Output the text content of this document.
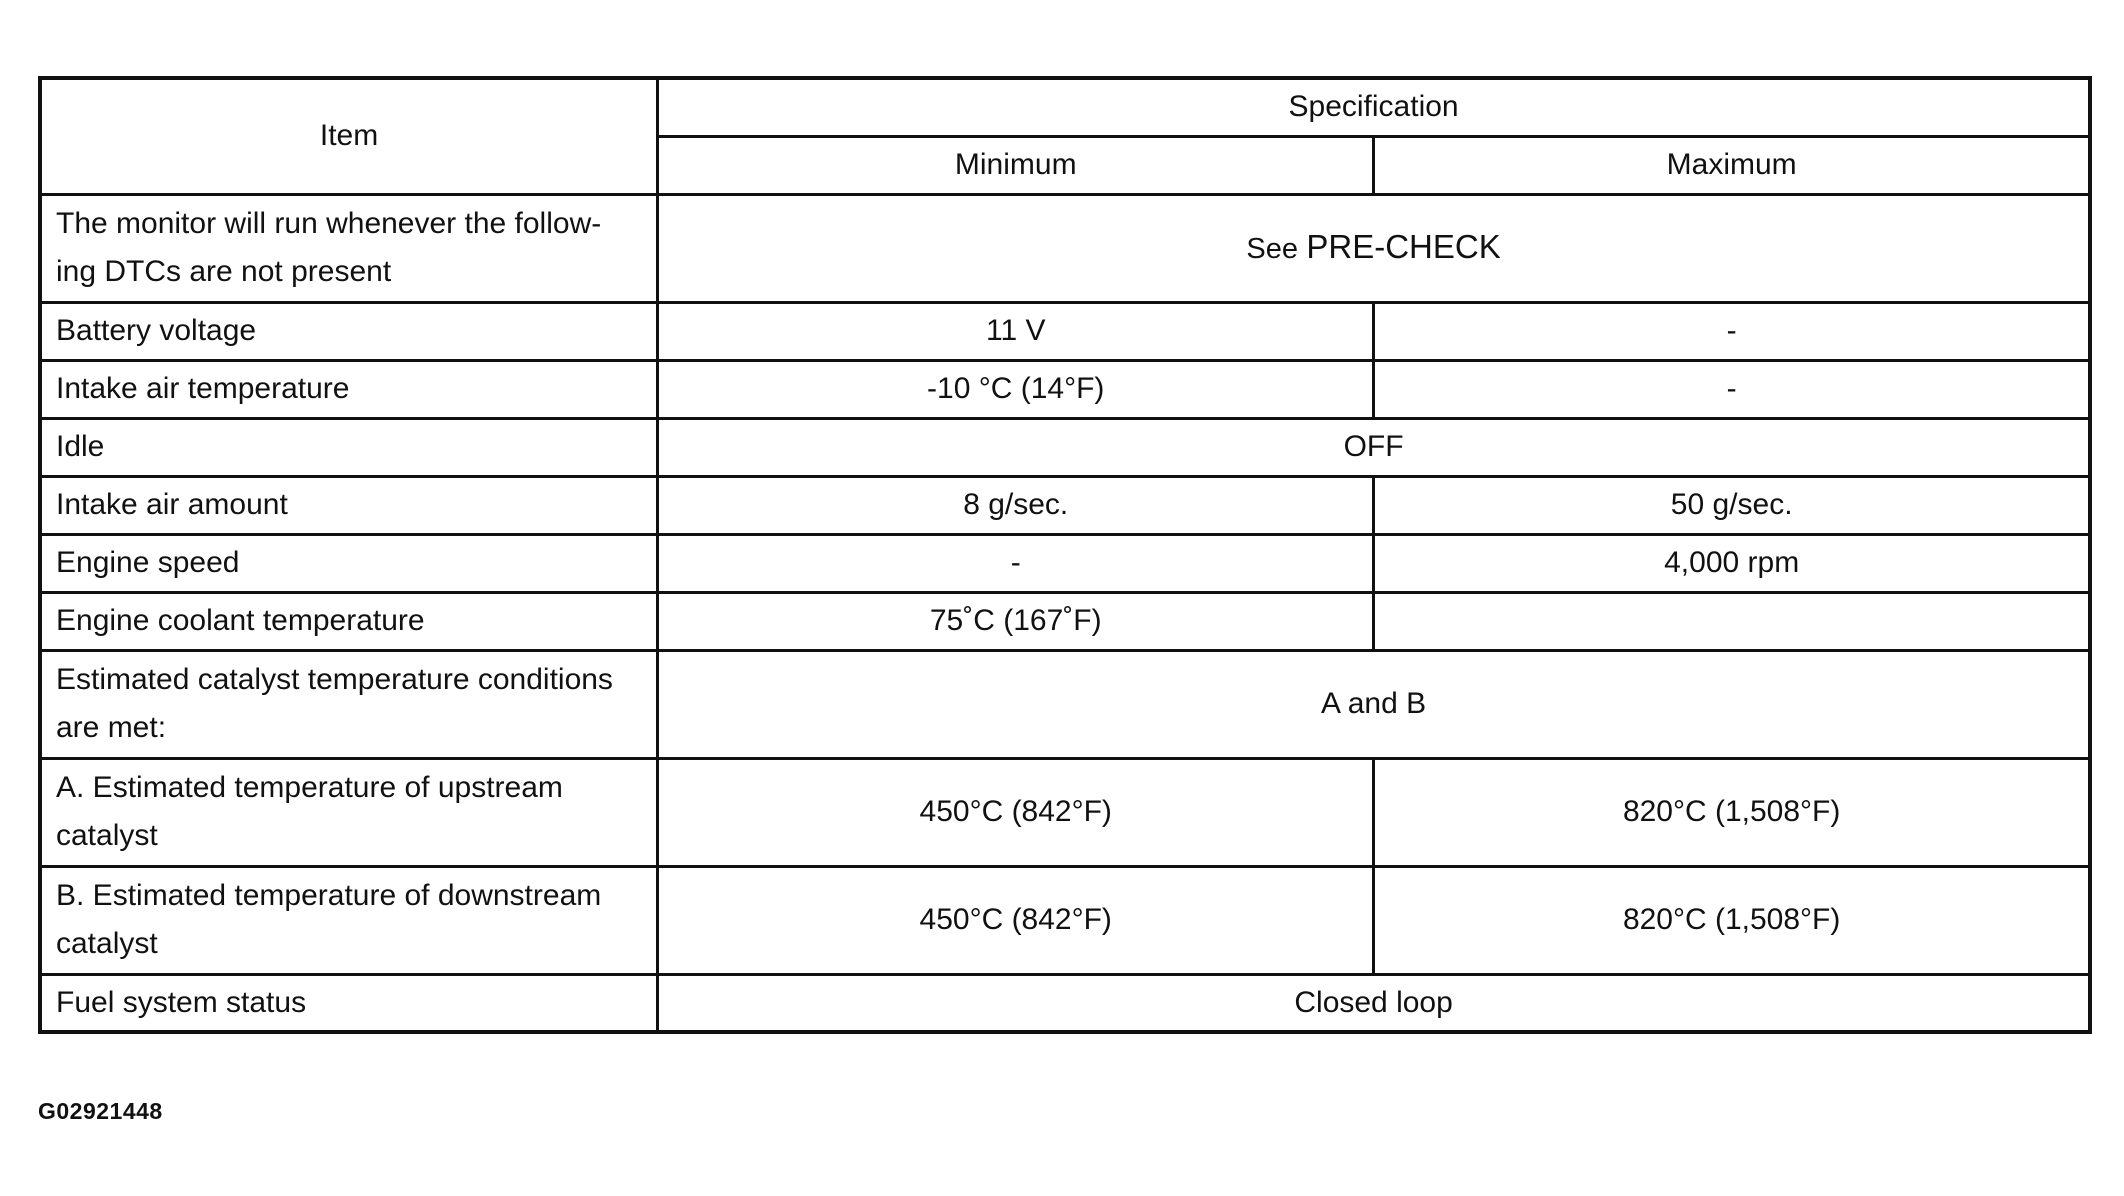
Item	Specification	
	Minimum	Maximum
The monitor will run whenever the follow-
ing DTCs are not present	See PRE-CHECK	
Battery voltage	11 V	-
Intake air temperature	-10 °C (14°F)	-
Idle	OFF	
Intake air amount	8 g/sec.	50 g/sec.
Engine speed	-	4,000 rpm
Engine coolant temperature	75˚C (167˚F)	
Estimated catalyst temperature conditions are met:	A and B	
A. Estimated temperature of upstream catalyst	450°C (842°F)	820°C (1,508°F)
B. Estimated temperature of downstream catalyst	450°C (842°F)	820°C (1,508°F)
Fuel system status	Closed loop	
G02921448
